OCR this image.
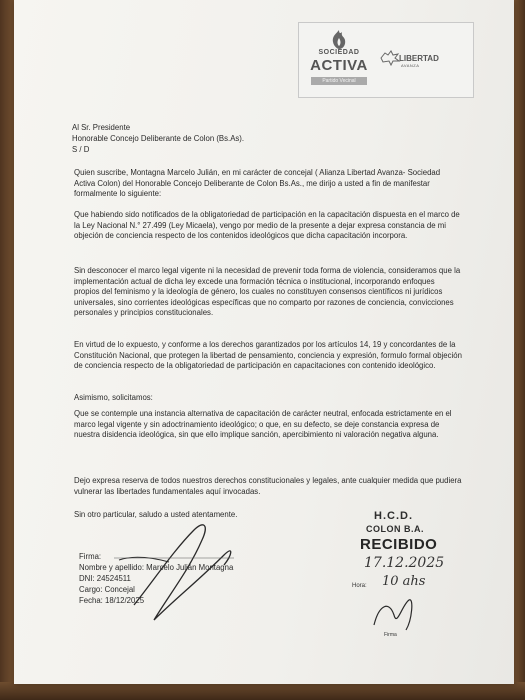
SOCIEDAD
ACTIVA
Partido Vecinal
LIBERTAD
AVANZA
Al Sr. Presidente
Honorable Concejo Deliberante de Colon (Bs.As).
S / D
Quien suscribe, Montagna Marcelo Julián, en mi carácter de concejal ( Alianza Libertad Avanza- Sociedad Activa Colon) del Honorable Concejo Deliberante de Colon Bs.As., me dirijo a usted a fin de manifestar formalmente lo siguiente:
Que habiendo sido notificados de la obligatoriedad de participación en la capacitación dispuesta en el marco de la Ley Nacional N.° 27.499 (Ley Micaela), vengo por medio de la presente a dejar expresa constancia de mi objeción de conciencia respecto de los contenidos ideológicos que dicha capacitación incorpora.
Sin desconocer el marco legal vigente ni la necesidad de prevenir toda forma de violencia, consideramos que la implementación actual de dicha ley excede una formación técnica o institucional, incorporando enfoques propios del feminismo y la ideología de género, los cuales no constituyen consensos científicos ni jurídicos universales, sino corrientes ideológicas específicas que no comparto por razones de conciencia, convicciones personales y principios constitucionales.
En virtud de lo expuesto, y conforme a los derechos garantizados por los artículos 14, 19 y concordantes de la Constitución Nacional, que protegen la libertad de pensamiento, conciencia y expresión, formulo formal objeción de conciencia respecto de la obligatoriedad de participación en capacitaciones con contenido ideológico.
Asimismo, solicitamos:
Que se contemple una instancia alternativa de capacitación de carácter neutral, enfocada estrictamente en el marco legal vigente y sin adoctrinamiento ideológico; o que, en su defecto, se deje constancia expresa de nuestra disidencia ideológica, sin que ello implique sanción, apercibimiento ni valoración negativa alguna.
Dejo expresa reserva de todos nuestros derechos constitucionales y legales, ante cualquier medida que pudiera vulnerar las libertades fundamentales aquí invocadas.
Sin otro particular, saludo a usted atentamente.
Firma:
Nombre y apellido: Marcelo Julián Montagna
DNI: 24524511
Cargo: Concejal
Fecha: 18/12/2025
H.C.D.
COLON B.A.
RECIBIDO
17.12.2025
Hora: 10 ahs
Firma
